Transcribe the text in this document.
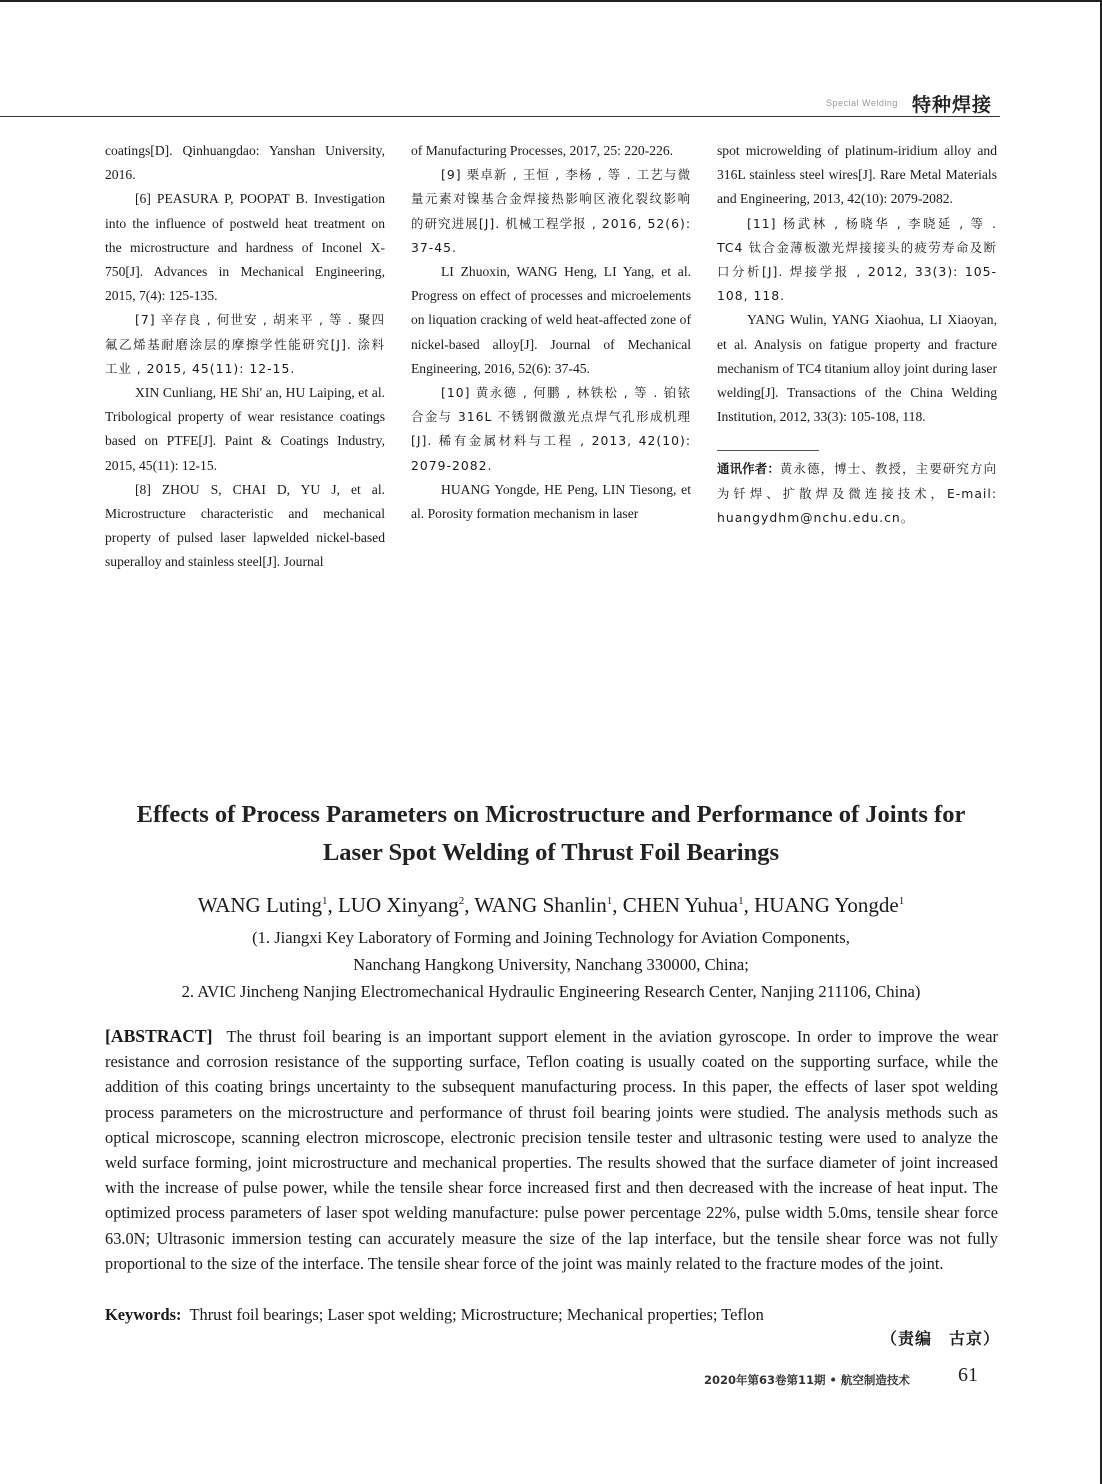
Special Welding 特种焊接

coatings[D]. Qinhuangdao: Yanshan University, 2016.

[6] PEASURA P, POOPAT B. Investigation into the influence of postweld heat treatment on the microstructure and hardness of Inconel X-750[J]. Advances in Mechanical Engineering, 2015, 7(4): 125-135.

[7] 辛存良 , 何世安 , 胡来平 , 等 . 聚四氟乙烯基耐磨涂层的摩擦学性能研究[J]. 涂料工业 , 2015, 45(11): 12-15.

XIN Cunliang, HE Shi' an, HU Laiping, et al. Tribological property of wear resistance coatings based on PTFE[J]. Paint & Coatings Industry, 2015, 45(11): 12-15.

[8] ZHOU S, CHAI D, YU J, et al. Microstructure characteristic and mechanical property of pulsed laser lapwelded nickel-based superalloy and stainless steel[J]. Journal

of Manufacturing Processes, 2017, 25: 220-226.

[9] 栗卓新 , 王恒 , 李杨 , 等 . 工艺与微量元素对镍基合金焊接热影响区液化裂纹影响的研究进展[J]. 机械工程学报 , 2016, 52(6): 37-45.

LI Zhuoxin, WANG Heng, LI Yang, et al. Progress on effect of processes and microelements on liquation cracking of weld heat-affected zone of nickel-based alloy[J]. Journal of Mechanical Engineering, 2016, 52(6): 37-45.

[10] 黄永德 , 何鹏 , 林铁松 , 等 . 铂铱合金与 316L 不锈钢微激光点焊气孔形成机理[J]. 稀有金属材料与工程 , 2013, 42(10): 2079-2082.

HUANG Yongde, HE Peng, LIN Tiesong, et al. Porosity formation mechanism in laser

spot microwelding of platinum-iridium alloy and 316L stainless steel wires[J]. Rare Metal Materials and Engineering, 2013, 42(10): 2079-2082.

[11] 杨武林 , 杨晓华 , 李晓延 , 等 . TC4 钛合金薄板激光焊接接头的疲劳寿命及断口分析[J]. 焊接学报 , 2012, 33(3): 105-108, 118.

YANG Wulin, YANG Xiaohua, LI Xiaoyan, et al. Analysis on fatigue property and fracture mechanism of TC4 titanium alloy joint during laser welding[J]. Transactions of the China Welding Institution, 2012, 33(3): 105-108, 118.

通讯作者：黄永德，博士、教授，主要研究方向为钎焊、扩散焊及微连接技术，E-mail: huangydhm@nchu.edu.cn。

Effects of Process Parameters on Microstructure and Performance of Joints for
Laser Spot Welding of Thrust Foil Bearings
WANG Luting$^1$, LUO Xinyang$^2$, WANG Shanlin$^1$, CHEN Yuhua$^1$, HUANG Yongde$^1$
(1. Jiangxi Key Laboratory of Forming and Joining Technology for Aviation Components,
Nanchang Hangkong University, Nanchang 330000, China;
2. AVIC Jincheng Nanjing Electromechanical Hydraulic Engineering Research Center, Nanjing 211106, China)

[ABSTRACT] The thrust foil bearing is an important support element in the aviation gyroscope. In order to improve the wear resistance and corrosion resistance of the supporting surface, Teflon coating is usually coated on the supporting surface, while the addition of this coating brings uncertainty to the subsequent manufacturing process. In this paper, the effects of laser spot welding process parameters on the microstructure and performance of thrust foil bearing joints were studied. The analysis methods such as optical microscope, scanning electron microscope, electronic precision tensile tester and ultrasonic testing were used to analyze the weld surface forming, joint microstructure and mechanical properties. The results showed that the surface diameter of joint increased with the increase of pulse power, while the tensile shear force increased first and then decreased with the increase of heat input. The optimized process parameters of laser spot welding manufacture: pulse power percentage 22%, pulse width 5.0ms, tensile shear force 63.0N; Ultrasonic immersion testing can accurately measure the size of the lap interface, but the tensile shear force was not fully proportional to the size of the interface. The tensile shear force of the joint was mainly related to the fracture modes of the joint.

Keywords: Thrust foil bearings; Laser spot welding; Microstructure; Mechanical properties; Teflon
（责编　古京）
2020年第63卷第11期 • 航空制造技术 61
